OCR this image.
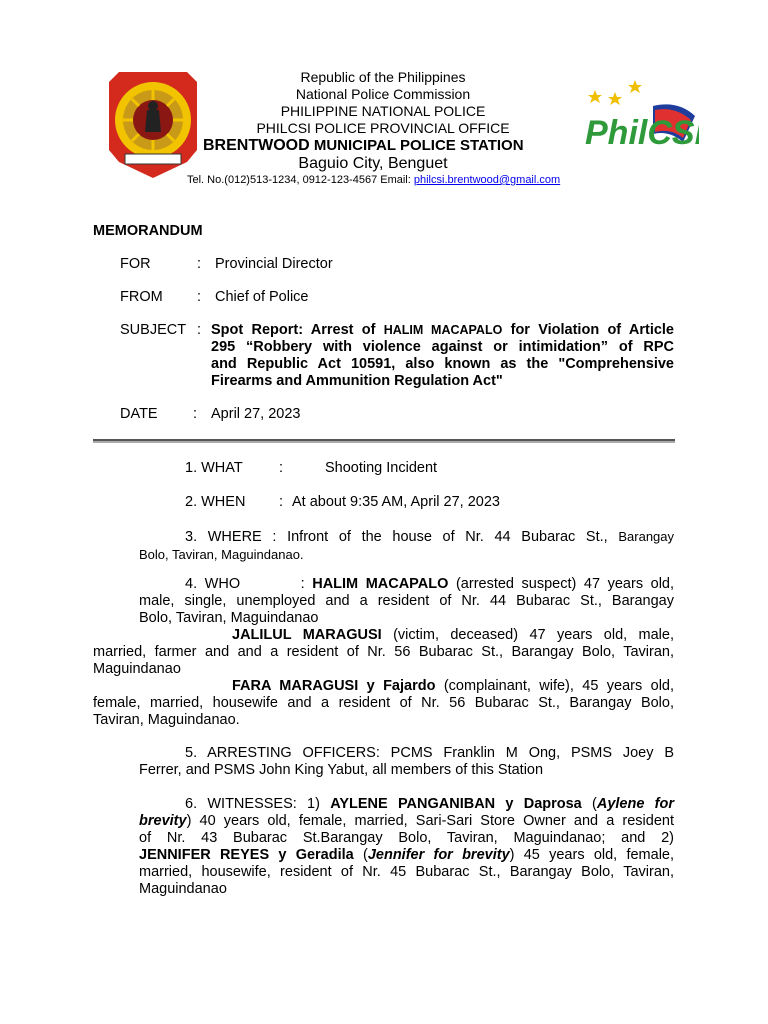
PhilCSI
Republic of the Philippines
National Police Commission
PHILIPPINE NATIONAL POLICE
PHILCSI POLICE PROVINCIAL OFFICE
BRENTWOOD MUNICIPAL POLICE STATION
Baguio City, Benguet
Tel. No.(012)513-1234, 0912-123-4567 Email: philcsi.brentwood@gmail.com
MEMORANDUM
FOR	: Provincial Director
FROM : Chief of Police
SUBJECT : Spot Report: Arrest of HALIM MACAPALO for Violation of Article
295 “Robbery with violence against or intimidation” of RPC
and Republic Act 10591, also known as the "Comprehensive
Firearms and Ammunition Regulation Act"
DATE : April 27, 2023
1. WHAT	:	Shooting Incident
2. WHEN : At about 9:35 AM, April 27, 2023
3. WHERE : Infront of the house of Nr. 44 Bubarac St., Barangay
Bolo, Taviran, Maguindanao.
4. WHO	: HALIM MACAPALO (arrested suspect) 47 years old,
male, single, unemployed and a resident of Nr. 44 Bubarac St., Barangay
Bolo, Taviran, Maguindanao
JALILUL MARAGUSI (victim, deceased) 47 years old, male,
married, farmer and and a resident of Nr. 56 Bubarac St., Barangay Bolo, Taviran,
Maguindanao
FARA MARAGUSI y Fajardo (complainant, wife), 45 years old,
female, married, housewife and a resident of Nr. 56 Bubarac St., Barangay Bolo,
Taviran, Maguindanao.
5. ARRESTING OFFICERS: PCMS Franklin M Ong, PSMS Joey B
Ferrer, and PSMS John King Yabut, all members of this Station
6. WITNESSES: 1) AYLENE PANGANIBAN y Daprosa (Aylene for
brevity) 40 years old, female, married, Sari-Sari Store Owner and a resident
of Nr. 43 Bubarac St.Barangay Bolo, Taviran, Maguindanao; and 2)
JENNIFER REYES y Geradila (Jennifer for brevity) 45 years old, female,
married, housewife, resident of Nr. 45 Bubarac St., Barangay Bolo, Taviran,
Maguindanao
